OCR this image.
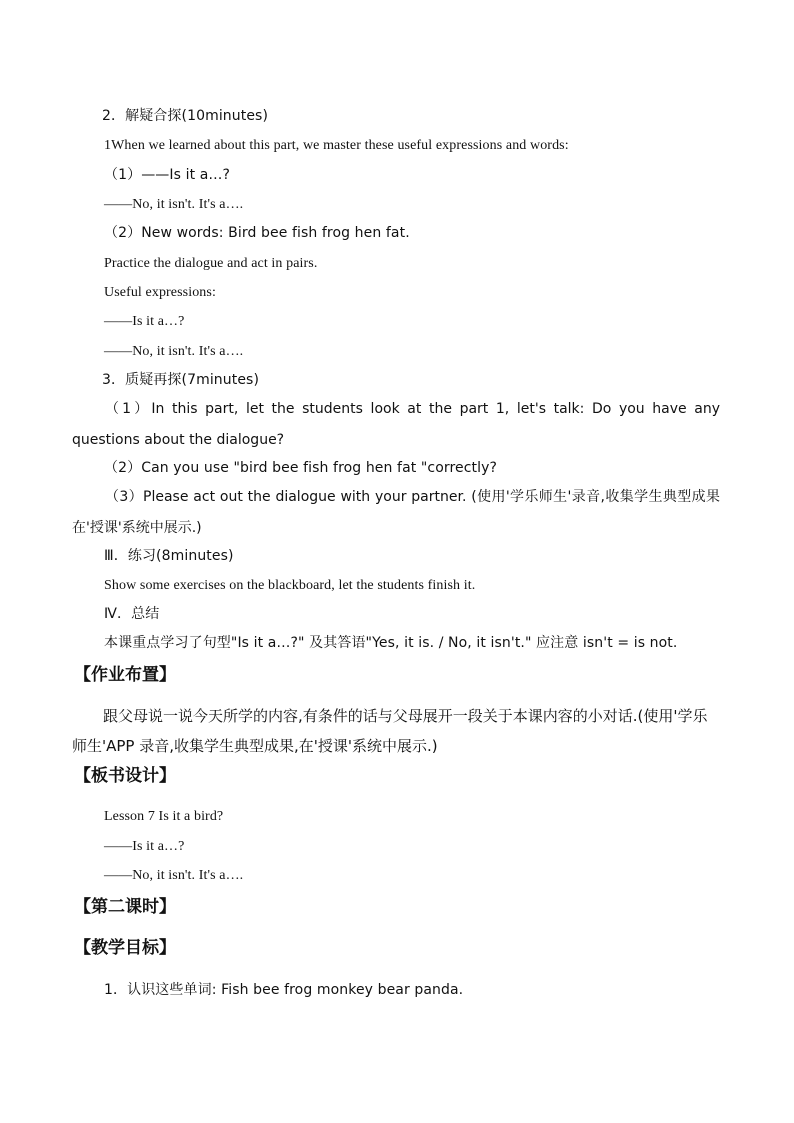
2．解疑合探(10minutes)
1When we learned about this part, we master these useful expressions and words:
（1）——Is it a…?
——No, it isn't. It's a….
（2）New words: Bird bee fish frog hen fat.
Practice the dialogue and act in pairs.
Useful expressions:
——Is it a…?
——No, it isn't. It's a….
3．质疑再探(7minutes)
（1）In this part, let the students look at the part 1, let's talk: Do you have any questions about the dialogue?
（2）Can you use "bird bee fish frog hen fat "correctly?
（3）Please act out the dialogue with your partner. (使用'学乐师生'录音,收集学生典型成果在'授课'系统中展示.)
Ⅲ．练习(8minutes)
Show some exercises on the blackboard, let the students finish it.
Ⅳ．总结
本课重点学习了句型"Is it a…?" 及其答语"Yes, it is. / No, it isn't." 应注意 isn't = is not.
【作业布置】
跟父母说一说今天所学的内容,有条件的话与父母展开一段关于本课内容的小对话.(使用'学乐师生'APP 录音,收集学生典型成果,在'授课'系统中展示.)
【板书设计】
Lesson 7 Is it a bird?
——Is it a…?
——No, it isn't. It's a….
【第二课时】
【教学目标】
1．认识这些单词: Fish bee frog monkey bear panda.
